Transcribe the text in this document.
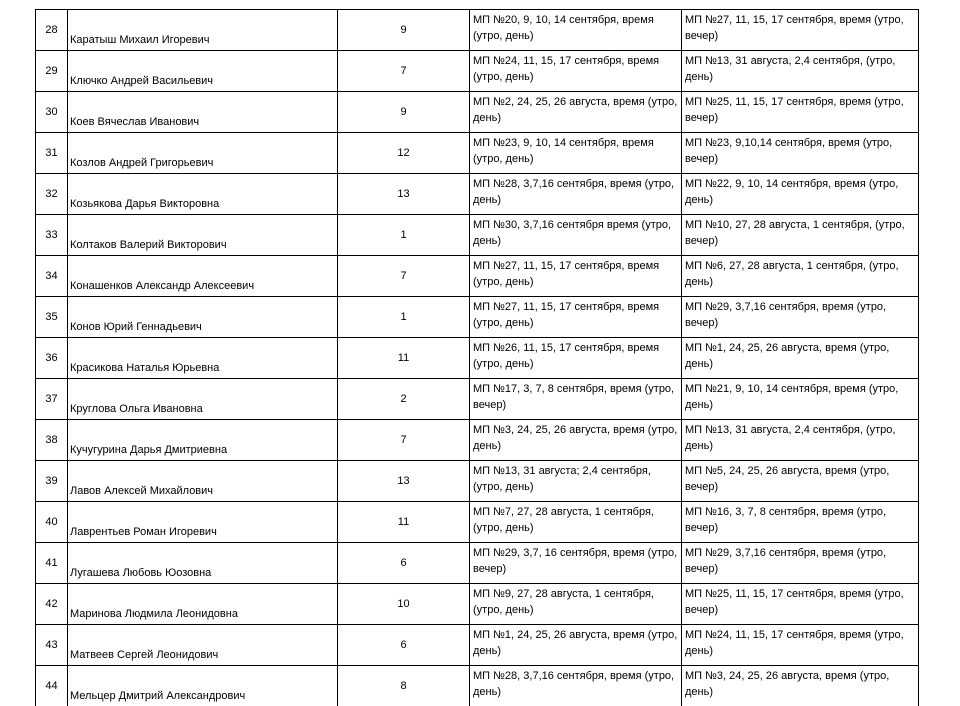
28	Каратыш Михаил Игоревич	9	МП №20, 9, 10, 14 сентября, время (утро, день)	МП №27, 11, 15, 17 сентября, время (утро, вечер)
29	Ключко Андрей Васильевич	7	МП №24, 11, 15, 17 сентября, время (утро, день)	МП №13, 31 августа, 2,4 сентября, (утро, день)
30	Коев Вячеслав Иванович	9	МП №2, 24, 25, 26 августа, время (утро, день)	МП №25, 11, 15, 17 сентября, время (утро, вечер)
31	Козлов Андрей Григорьевич	12	МП №23, 9, 10, 14 сентября, время (утро, день)	МП №23, 9,10,14 сентября, время (утро, вечер)
32	Козьякова Дарья Викторовна	13	МП №28, 3,7,16 сентября, время (утро, день)	МП №22, 9, 10, 14 сентября, время (утро, день)
33	Колтаков Валерий Викторович	1	МП №30, 3,7,16 сентября время (утро, день)	МП №10, 27, 28 августа, 1 сентября, (утро, вечер)
34	Конашенков Александр Алексеевич	7	МП №27, 11, 15, 17 сентября, время (утро, день)	МП №6, 27, 28 августа, 1 сентября, (утро, день)
35	Конов Юрий Геннадьевич	1	МП №27, 11, 15, 17 сентября, время (утро, день)	МП №29, 3,7,16 сентября, время (утро, вечер)
36	Красикова Наталья Юрьевна	11	МП №26, 11, 15, 17 сентября, время (утро, день)	МП №1, 24, 25, 26 августа, время (утро, день)
37	Круглова Ольга Ивановна	2	МП №17, 3, 7, 8 сентября, время (утро, вечер)	МП №21, 9, 10, 14 сентября, время (утро, день)
38	Кучугурина Дарья Дмитриевна	7	МП №3, 24, 25, 26 августа, время (утро, день)	МП №13, 31 августа, 2,4 сентября, (утро, день)
39	Лавов Алексей Михайлович	13	МП №13, 31 августа; 2,4 сентября, (утро, день)	МП №5, 24, 25, 26 августа, время (утро, вечер)
40	Лаврентьев Роман Игоревич	11	МП №7, 27, 28 августа, 1 сентября, (утро, день)	МП №16, 3, 7, 8 сентября, время (утро, вечер)
41	Лугашева Любовь Юозовна	6	МП №29, 3,7, 16 сентября, время (утро, вечер)	МП №29, 3,7,16 сентября, время (утро, вечер)
42	Маринова Людмила Леонидовна	10	МП №9, 27, 28 августа, 1 сентября, (утро, день)	МП №25, 11, 15, 17 сентября, время (утро, вечер)
43	Матвеев Сергей Леонидович	6	МП №1, 24, 25, 26 августа, время (утро, день)	МП №24, 11, 15, 17 сентября, время (утро, день)
44	Мельцер Дмитрий Александрович	8	МП №28, 3,7,16 сентября, время (утро, день)	МП №3, 24, 25, 26 августа, время (утро, день)
